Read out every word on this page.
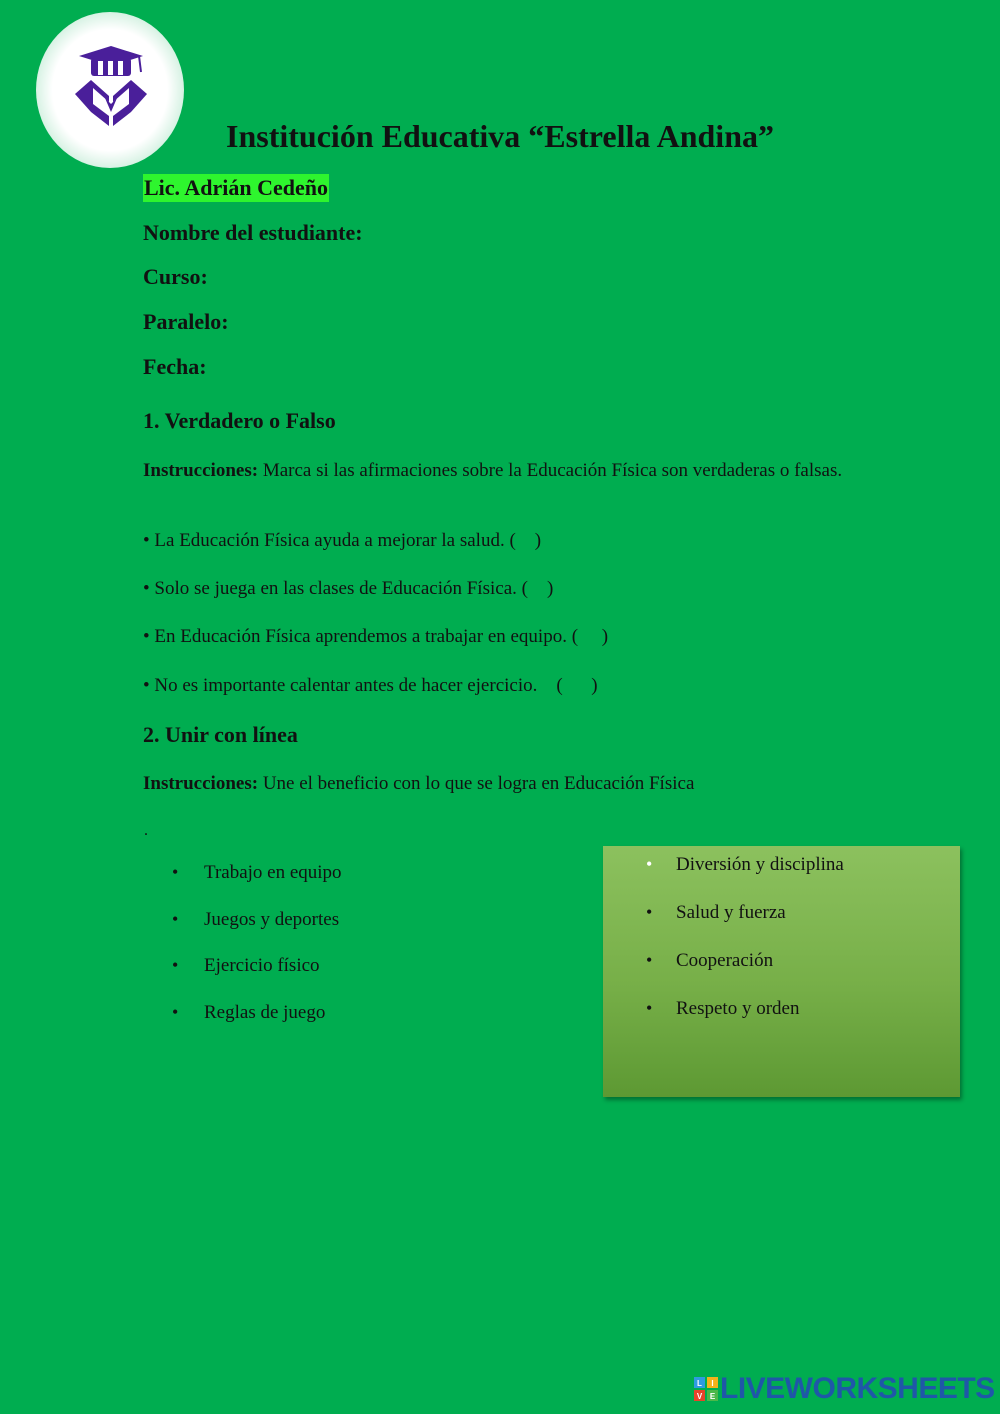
Institución Educativa “Estrella Andina”
Lic. Adrián Cedeño

Nombre del estudiante:

Curso:

Paralelo:

Fecha:

1. Verdadero o Falso

Instrucciones: Marca si las afirmaciones sobre la Educación Física son verdaderas o falsas.

• La Educación Física ayuda a mejorar la salud. (    )

• Solo se juega en las clases de Educación Física. (    )

• En Educación Física aprendemos a trabajar en equipo. (     )

• No es importante calentar antes de hacer ejercicio.    (      )

2. Unir con línea

Instrucciones: Une el beneficio con lo que se logra en Educación Física

.
• Trabajo en equipo
• Juegos y deportes
• Ejercicio físico
• Reglas de juego
• Diversión y disciplina
• Salud y fuerza
• Cooperación
• Respeto y orden
L I
V E LIVEWORKSHEETS
